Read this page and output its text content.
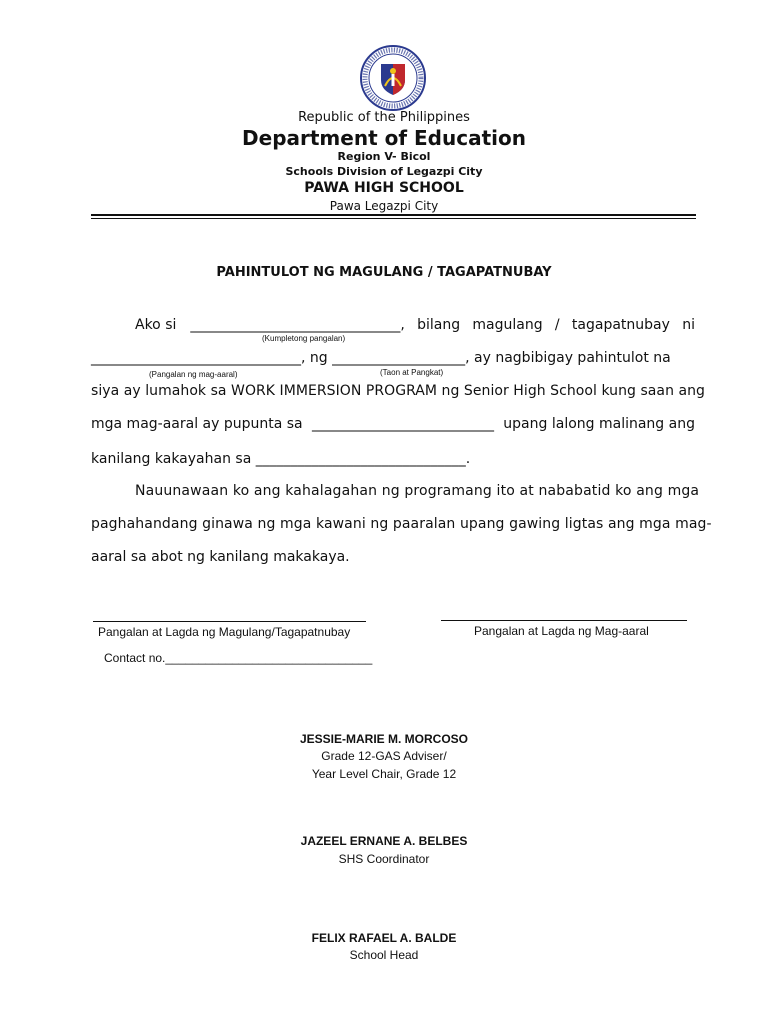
Republic of the Philippines
Department of Education
Region V- Bicol
Schools Division of Legazpi City
PAWA HIGH SCHOOL
Pawa Legazpi City
PAHINTULOT NG MAGULANG / TAGAPATNUBAY
Ako si ______________________________ , bilang magulang / tagapatnubay ni
(Kumpletong pangalan)
______________________________, ng ___________________, ay nagbibigay pahintulot na
(Pangalan ng mag-aaral)	(Taon at Pangkat)
siya ay lumahok sa WORK IMMERSION PROGRAM ng Senior High School kung saan ang
mga mag-aaral ay pupunta sa __________________________ upang lalong malinang ang
kanilang kakayahan sa ______________________________.
Nauunawaan ko ang kahalagahan ng programang ito at nababatid ko ang mga
paghahandang ginawa ng mga kawani ng paaralan upang gawing ligtas ang mga mag-
aaral sa abot ng kanilang makakaya.
Pangalan at Lagda ng Magulang/Tagapatnubay	Pangalan at Lagda ng Mag-aaral
Contact no._______________________________
JESSIE-MARIE M. MORCOSO
Grade 12-GAS Adviser/
Year Level Chair, Grade 12
JAZEEL ERNANE A. BELBES
SHS Coordinator
FELIX RAFAEL A. BALDE
School Head
